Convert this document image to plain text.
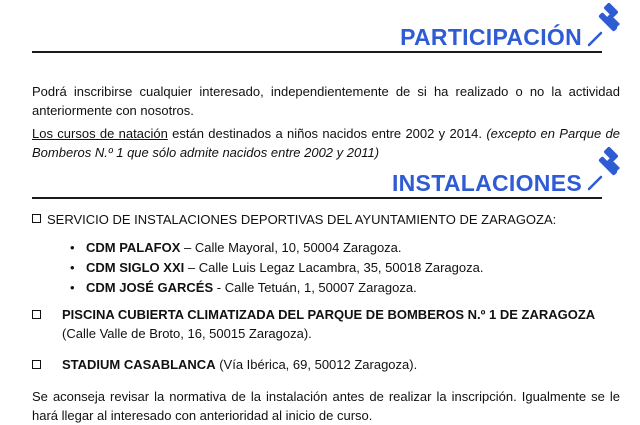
PARTICIPACIÓN

Podrá inscribirse cualquier interesado, independientemente de si ha realizado o no la actividad anteriormente con nosotros.

Los cursos de natación están destinados a niños nacidos entre 2002 y 2014. (excepto en Parque de Bomberos N.º 1 que sólo admite nacidos entre 2002 y 2011)

INSTALACIONES
SERVICIO DE INSTALACIONES DEPORTIVAS DEL AYUNTAMIENTO DE ZARAGOZA:
• CDM PALAFOX – Calle Mayoral, 10, 50004 Zaragoza.
• CDM SIGLO XXI – Calle Luis Legaz Lacambra, 35, 50018 Zaragoza.
• CDM JOSÉ GARCÉS - Calle Tetuán, 1, 50007 Zaragoza.
PISCINA CUBIERTA CLIMATIZADA DEL PARQUE DE BOMBEROS N.º 1 DE ZARAGOZA (Calle Valle de Broto, 16, 50015 Zaragoza).
STADIUM CASABLANCA (Vía Ibérica, 69, 50012 Zaragoza).

Se aconseja revisar la normativa de la instalación antes de realizar la inscripción. Igualmente se le hará llegar al interesado con anterioridad al inicio de curso.
